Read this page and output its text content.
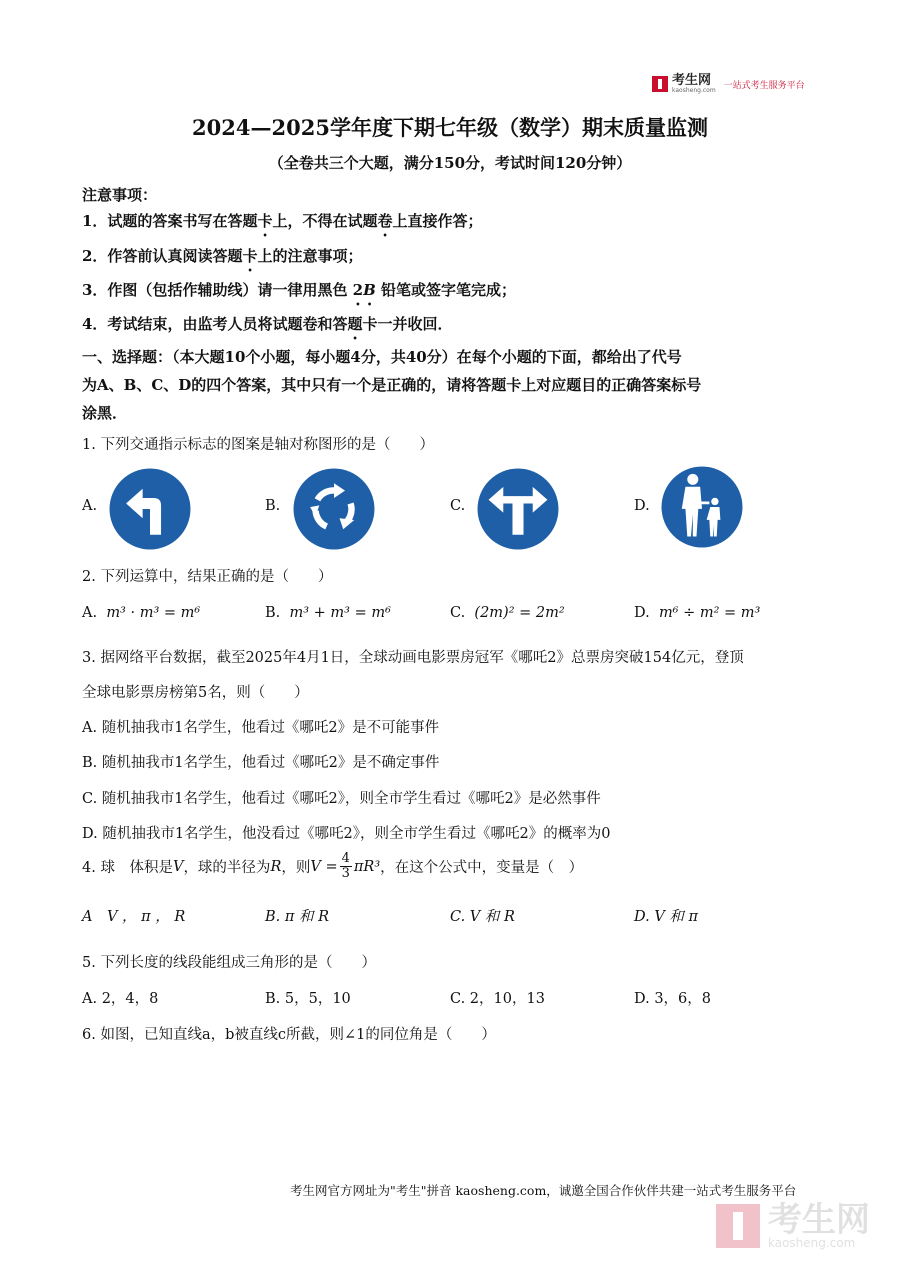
考生网
kaosheng.com 一站式考生服务平台
2024—2025学年度下期七年级（数学）期末质量监测
（全卷共三个大题，满分150分，考试时间120分钟）
注意事项：
1．试题的答案书写在答题卡上，不得在试题卷上直接作答；
2．作答前认真阅读答题卡上的注意事项；
3．作图（包括作辅助线）请一律用黑色 2B 铅笔或签字笔完成；
4．考试结束，由监考人员将试题卷和答题卡一并收回．
一、选择题：（本大题10个小题，每小题4分，共40分）在每个小题的下面，都给出了代号
为A、B、C、D的四个答案，其中只有一个是正确的，请将答题卡上对应题目的正确答案标号
涂黑．
1. 下列交通指示标志的图案是轴对称图形的是（　　）
A.	B.	C.	D.
2. 下列运算中，结果正确的是（　　）
A. m³ · m³ = m⁶	B. m³ + m³ = m⁶	C. (2m)² = 2m²	D. m⁶ ÷ m² = m³
3. 据网络平台数据，截至2025年4月1日，全球动画电影票房冠军《哪吒2》总票房突破154亿元，登顶
全球电影票房榜第5名，则（　　）
A. 随机抽我市1名学生，他看过《哪吒2》是不可能事件
B. 随机抽我市1名学生，他看过《哪吒2》是不确定事件
C. 随机抽我市1名学生，他看过《哪吒2》，则全市学生看过《哪吒2》是必然事件
D. 随机抽我市1名学生，他没看过《哪吒2》，则全市学生看过《哪吒2》的概率为0
4. 球　体积是 V ，球的半径为 R ，则 $V = \frac{4}{3} \pi R^3$ ，在这个公式中，变量是（　）
A　V ， π ， R	B. π 和 R	C. V 和 R	D. V 和 π
5. 下列长度的线段能组成三角形的是（　　）
A. 2，4，8	B. 5，5，10	C. 2，10，13	D. 3，6，8
6. 如图，已知直线a，b被直线c所截，则∠1的同位角是（　　）
考生网官方网址为"考生"拼音 kaosheng.com，诚邀全国合作伙伴共建一站式考生服务平台
考生网
kaosheng.com
